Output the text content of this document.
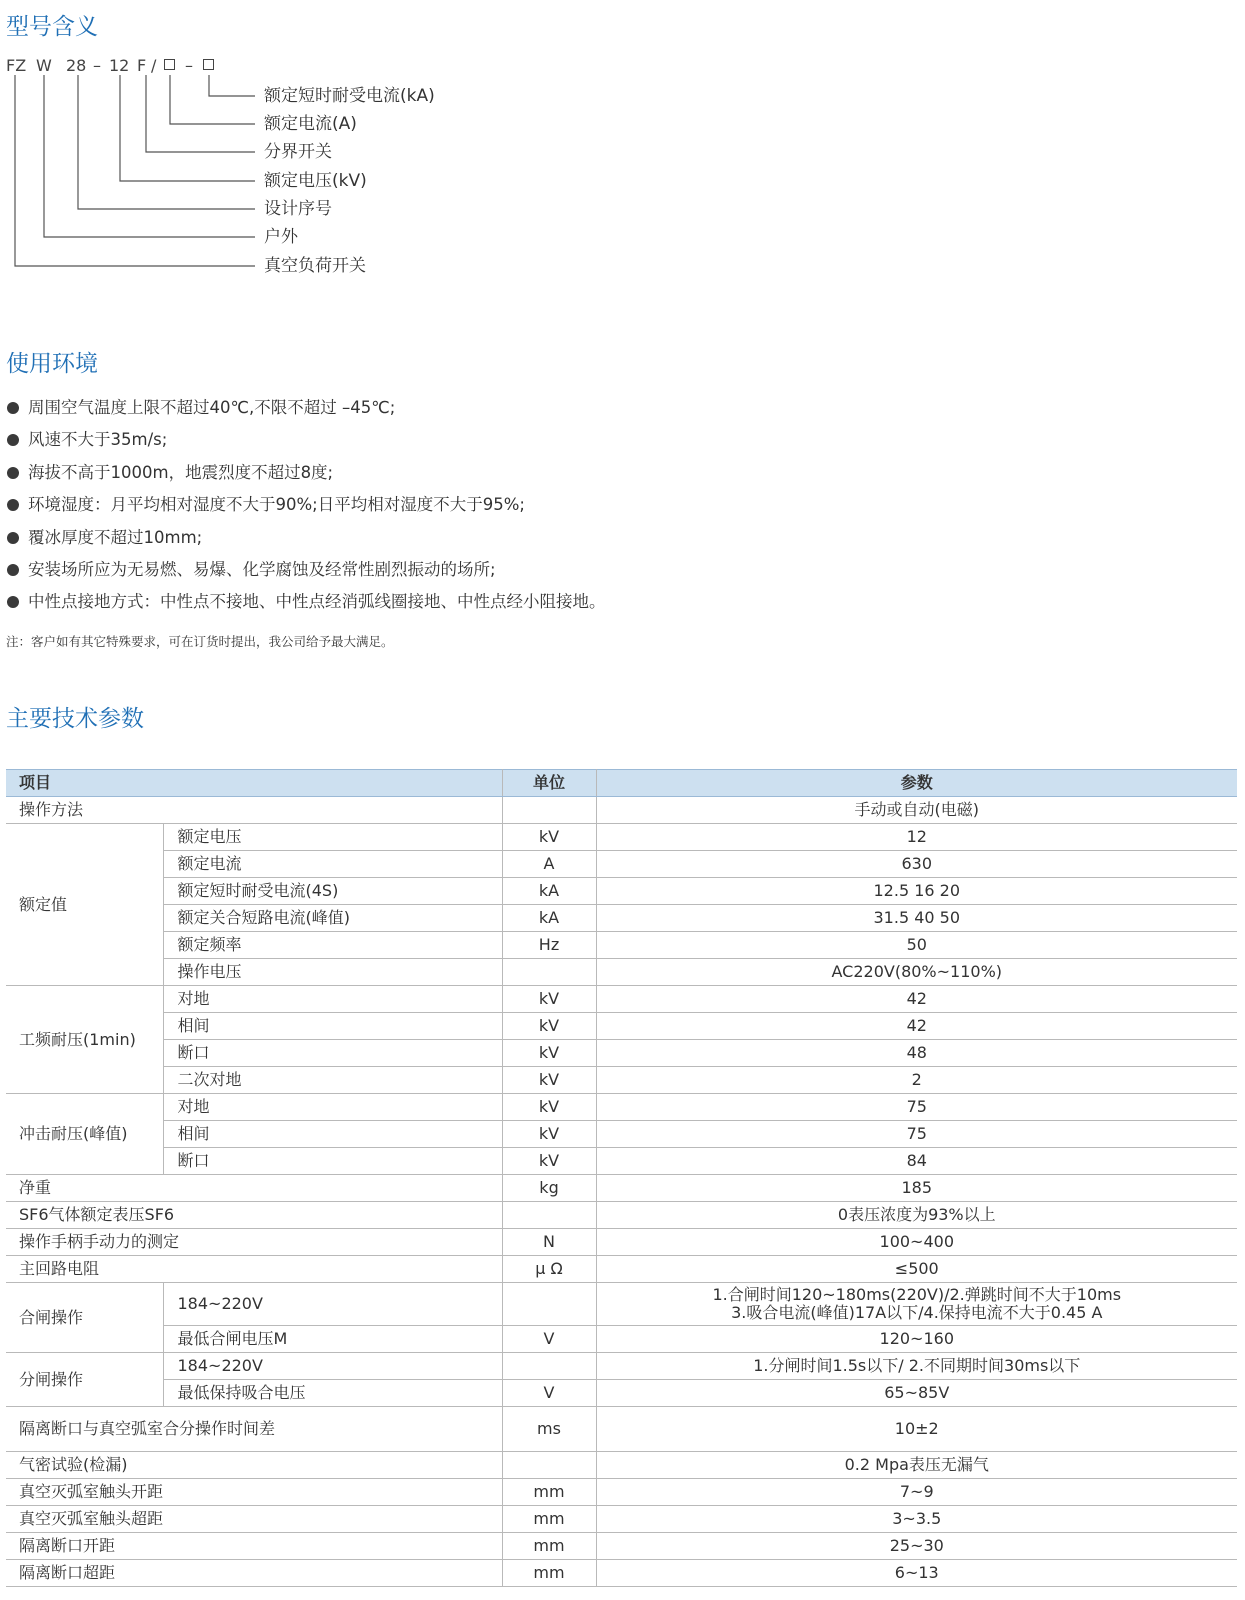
型号含义
FZ W 28 – 12 F / –
额定短时耐受电流(kA)
额定电流(A)
分界开关
额定电压(kV)
设计序号
户外
真空负荷开关
使用环境
周围空气温度上限不超过40℃,不限不超过 –45℃;
风速不大于35m/s;
海拔不高于1000m，地震烈度不超过8度;
环境湿度：月平均相对湿度不大于90%;日平均相对湿度不大于95%;
覆冰厚度不超过10mm;
安装场所应为无易燃、易爆、化学腐蚀及经常性剧烈振动的场所;
中性点接地方式：中性点不接地、中性点经消弧线圈接地、中性点经小阻接地。
注：客户如有其它特殊要求，可在订货时提出，我公司给予最大满足。
主要技术参数
项目		单位	参数
操作方法			手动或自动(电磁)
额定值	额定电压	kV	12
	额定电流	A	630
	额定短时耐受电流(4S)	kA	12.5 16 20
	额定关合短路电流(峰值)	kA	31.5 40 50
	额定频率	Hz	50
	操作电压		AC220V(80%~110%)
工频耐压(1min)	对地	kV	42
	相间	kV	42
	断口	kV	48
	二次对地	kV	2
冲击耐压(峰值)	对地	kV	75
	相间	kV	75
	断口	kV	84
净重		kg	185
SF6气体额定表压SF6			0表压浓度为93%以上
操作手柄手动力的测定		N	100~400
主回路电阻		μ Ω	≤500
合闸操作	184~220V		1.合闸时间120~180ms(220V)/2.弹跳时间不大于10ms
3.吸合电流(峰值)17A以下/4.保持电流不大于0.45 A

	最低合闸电压M	V	120~160
分闸操作	184~220V		1.分闸时间1.5s以下/ 2.不同期时间30ms以下
	最低保持吸合电压	V	65~85V
隔离断口与真空弧室合分操作时间差		ms	10±2
气密试验(检漏)			0.2 Mpa表压无漏气
真空灭弧室触头开距		mm	7~9
真空灭弧室触头超距		mm	3~3.5
隔离断口开距		mm	25~30
隔离断口超距		mm	6~13
